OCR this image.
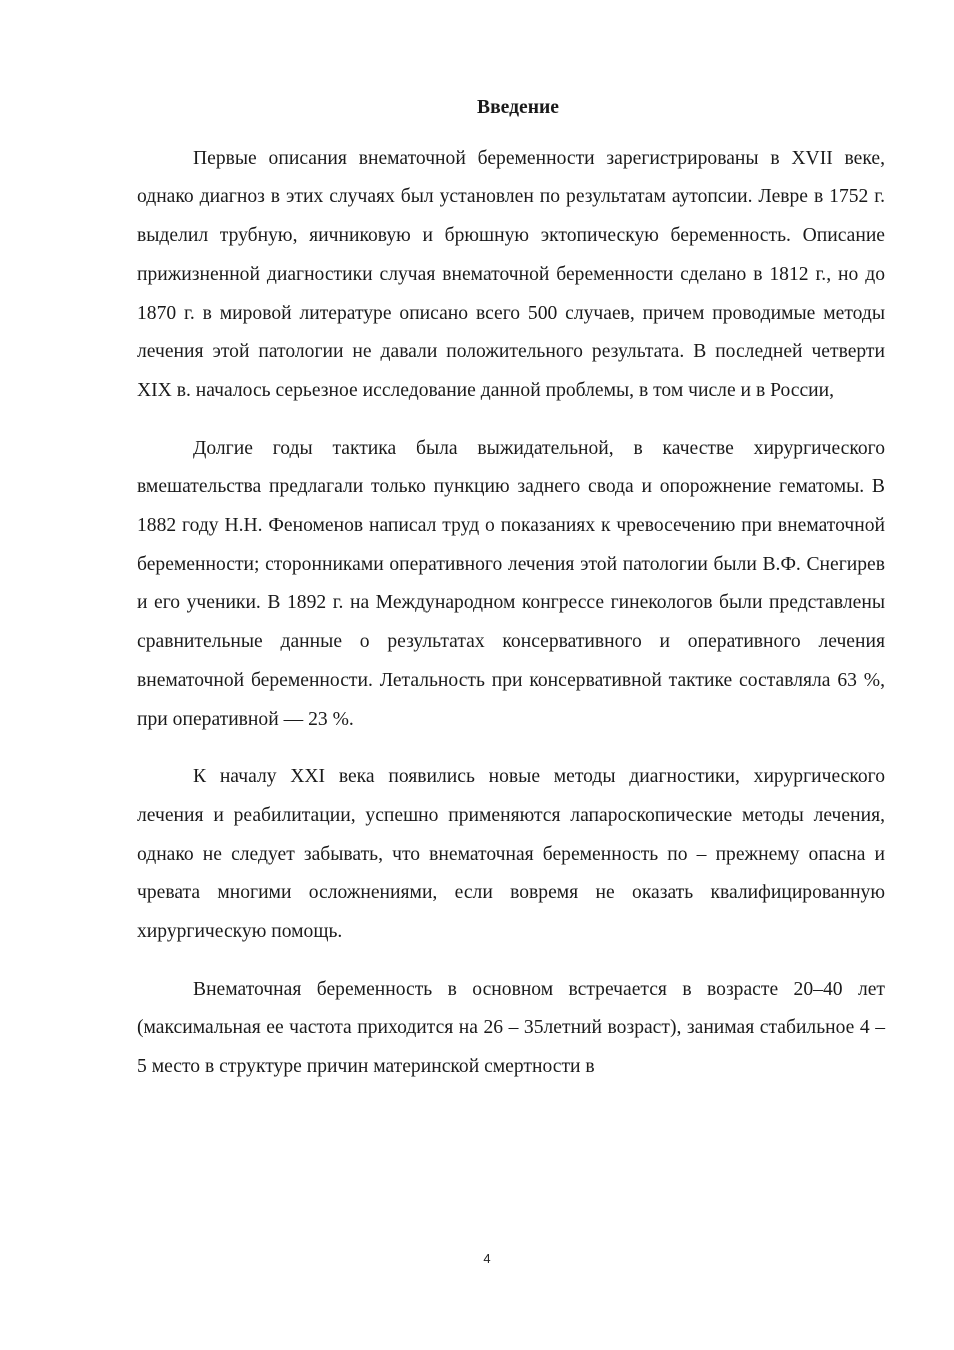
Введение

Первые описания внематочной беременности зарегистрированы в XVII веке, однако диагноз в этих случаях был установлен по результатам аутопсии. Левре в 1752 г. выделил трубную, яичниковую и брюшную эктопическую беременность. Описание прижизненной диагностики случая внематочной беременности сделано в 1812 г., но до 1870 г. в мировой литературе описано всего 500 случаев, причем проводимые методы лечения этой патологии не давали положительного результата. В последней четверти XIX в. началось серьезное исследование данной проблемы, в том числе и в России,

Долгие годы тактика была выжидательной, в качестве хирургического вмешательства предлагали только пункцию заднего свода и опорожнение гематомы. В 1882 году Н.Н. Феноменов написал труд о показаниях к чревосечению при внематочной беременности; сторонниками оперативного лечения этой патологии были В.Ф. Снегирев и его ученики. В 1892 г. на Международном конгрессе гинекологов были представлены сравнительные данные о результатах консервативного и оперативного лечения внематочной беременности. Летальность при консервативной тактике составляла 63 %, при оперативной — 23 %.

К началу XXI века появились новые методы диагностики, хирургического лечения и реабилитации, успешно применяются лапароскопические методы лечения, однако не следует забывать, что внематочная беременность по – прежнему опасна и чревата многими осложнениями, если вовремя не оказать квалифицированную хирургическую помощь.

Внематочная беременность в основном встречается в возрасте 20–40 лет (максимальная ее частота приходится на 26 – 35летний возраст), занимая стабильное 4 – 5 место в структуре причин материнской смертности в

4
